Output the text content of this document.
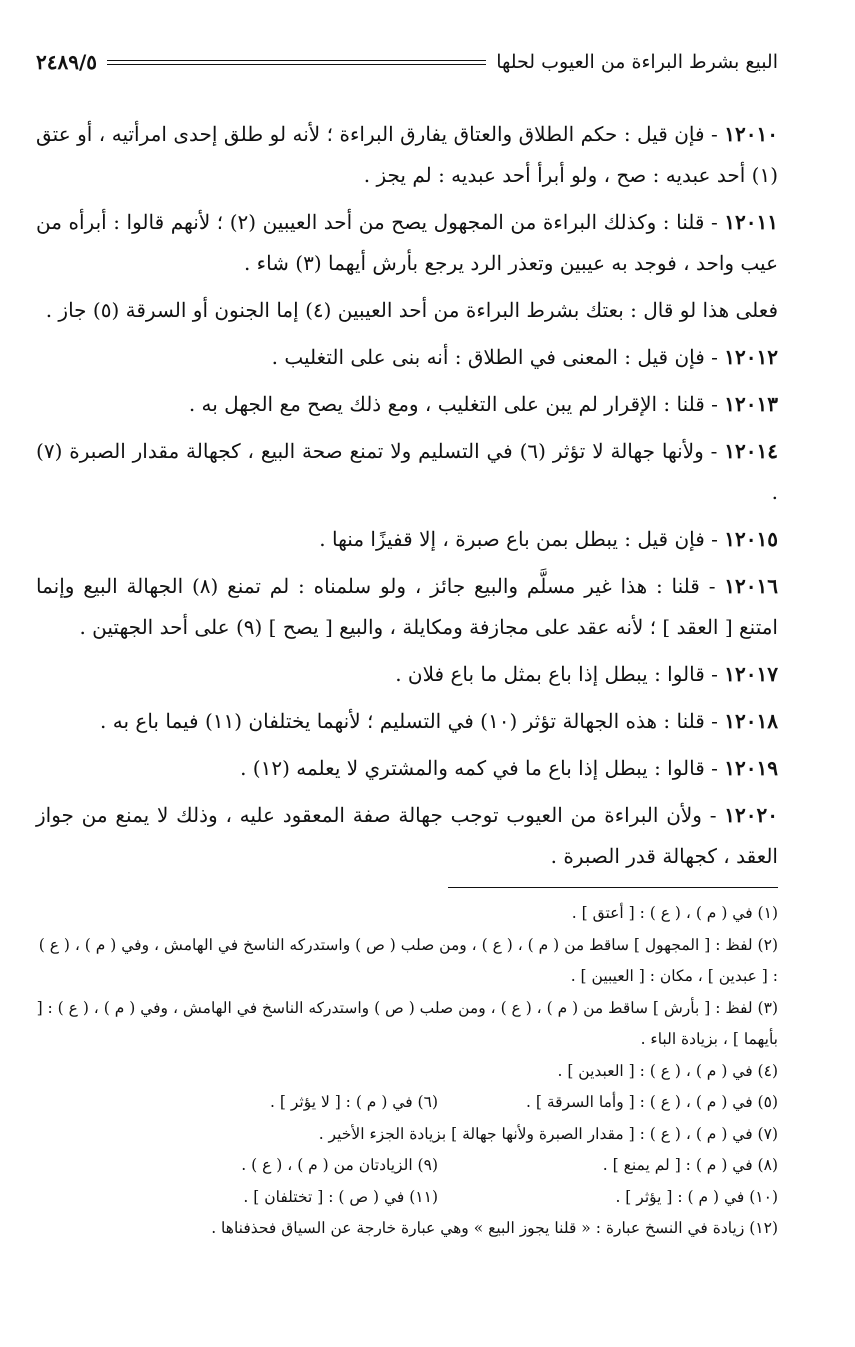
البيع بشرط البراءة من العيوب لحلها
٢٤٨٩/٥

١٢٠١٠ - فإن قيل : حكم الطلاق والعتاق يفارق البراءة ؛ لأنه لو طلق إحدى امرأتيه ، أو عتق (١) أحد عبديه : صح ، ولو أبرأ أحد عبديه : لم يجز .

١٢٠١١ - قلنا : وكذلك البراءة من المجهول يصح من أحد العيبين (٢) ؛ لأنهم قالوا : أبرأه من عيب واحد ، فوجد به عيبين وتعذر الرد يرجع بأرش أيهما (٣) شاء .

فعلى هذا لو قال : بعتك بشرط البراءة من أحد العيبين (٤) إما الجنون أو السرقة (٥) جاز .

١٢٠١٢ - فإن قيل : المعنى في الطلاق : أنه بنى على التغليب .

١٢٠١٣ - قلنا : الإقرار لم يبن على التغليب ، ومع ذلك يصح مع الجهل به .

١٢٠١٤ - ولأنها جهالة لا تؤثر (٦) في التسليم ولا تمنع صحة البيع ، كجهالة مقدار الصبرة (٧) .

١٢٠١٥ - فإن قيل : يبطل بمن باع صبرة ، إلا قفيزًا منها .

١٢٠١٦ - قلنا : هذا غير مسلَّم والبيع جائز ، ولو سلمناه : لم تمنع (٨) الجهالة البيع وإنما امتنع [ العقد ] ؛ لأنه عقد على مجازفة ومكايلة ، والبيع [ يصح ] (٩) على أحد الجهتين .

١٢٠١٧ - قالوا : يبطل إذا باع بمثل ما باع فلان .

١٢٠١٨ - قلنا : هذه الجهالة تؤثر (١٠) في التسليم ؛ لأنهما يختلفان (١١) فيما باع به .

١٢٠١٩ - قالوا : يبطل إذا باع ما في كمه والمشتري لا يعلمه (١٢) .

١٢٠٢٠ - ولأن البراءة من العيوب توجب جهالة صفة المعقود عليه ، وذلك لا يمنع من جواز العقد ، كجهالة قدر الصبرة .

(١) في ( م ) ، ( ع ) : [ أعتق ] .

(٢) لفظ : [ المجهول ] ساقط من ( م ) ، ( ع ) ، ومن صلب ( ص ) واستدركه الناسخ في الهامش ، وفي ( م ) ، ( ع ) : [ عبدين ] ، مكان : [ العيبين ] .

(٣) لفظ : [ بأرش ] ساقط من ( م ) ، ( ع ) ، ومن صلب ( ص ) واستدركه الناسخ في الهامش ، وفي ( م ) ، ( ع ) : [ بأيهما ] ، بزيادة الباء .

(٤) في ( م ) ، ( ع ) : [ العبدين ] .
(٥) في ( م ) ، ( ع ) : [ وأما السرقة ] .
(٦) في ( م ) : [ لا يؤثر ] .

(٧) في ( م ) ، ( ع ) : [ مقدار الصبرة ولأنها جهالة ] بزيادة الجزء الأخير .

(٨) في ( م ) : [ لم يمنع ] .
(٩) الزيادتان من ( م ) ، ( ع ) .
(١٠) في ( م ) : [ يؤثر ] .
(١١) في ( ص ) : [ تختلفان ] .

(١٢) زيادة في النسخ عبارة : « قلنا يجوز البيع » وهي عبارة خارجة عن السياق فحذفناها .
